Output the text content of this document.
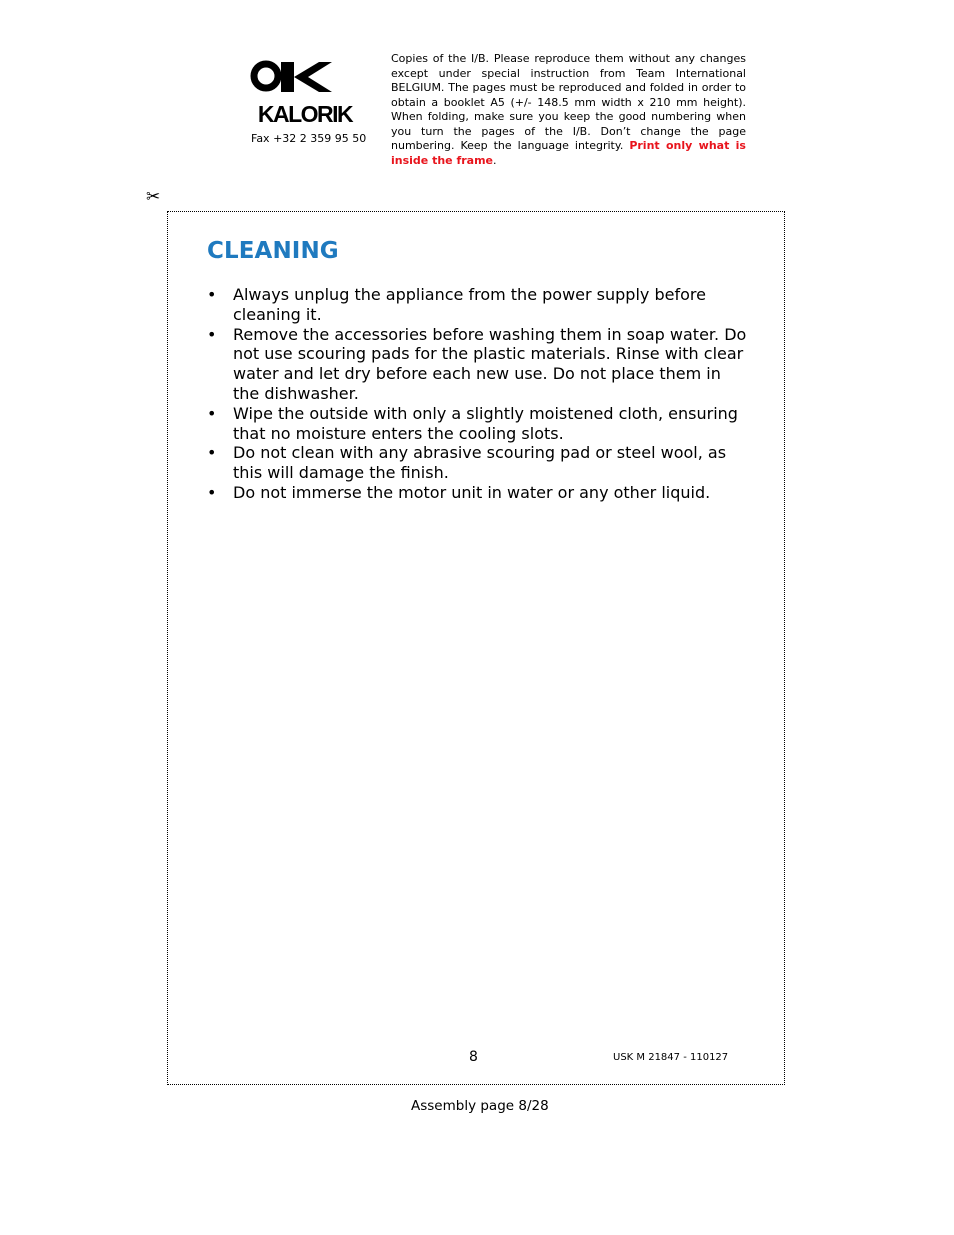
KALORIK
Fax +32 2 359 95 50
Copies of the I/B. Please reproduce them without any changes except under special instruction from Team International BELGIUM. The pages must be reproduced and folded in order to obtain a booklet A5 (+/- 148.5 mm width x 210 mm height). When folding, make sure you keep the good numbering when you turn the pages of the I/B. Don’t change the page numbering. Keep the language integrity. Print only what is inside the frame.
✂
CLEANING
• Always unplug the appliance from the power supply before cleaning it.
• Remove the accessories before washing them in soap water. Do not use scouring pads for the plastic materials. Rinse with clear water and let dry before each new use. Do not place them in the dishwasher.
• Wipe the outside with only a slightly moistened cloth, ensuring that no moisture enters the cooling slots.
• Do not clean with any abrasive scouring pad or steel wool, as this will damage the finish.
• Do not immerse the motor unit in water or any other liquid.
8	USK M 21847 - 110127
Assembly page 8/28
